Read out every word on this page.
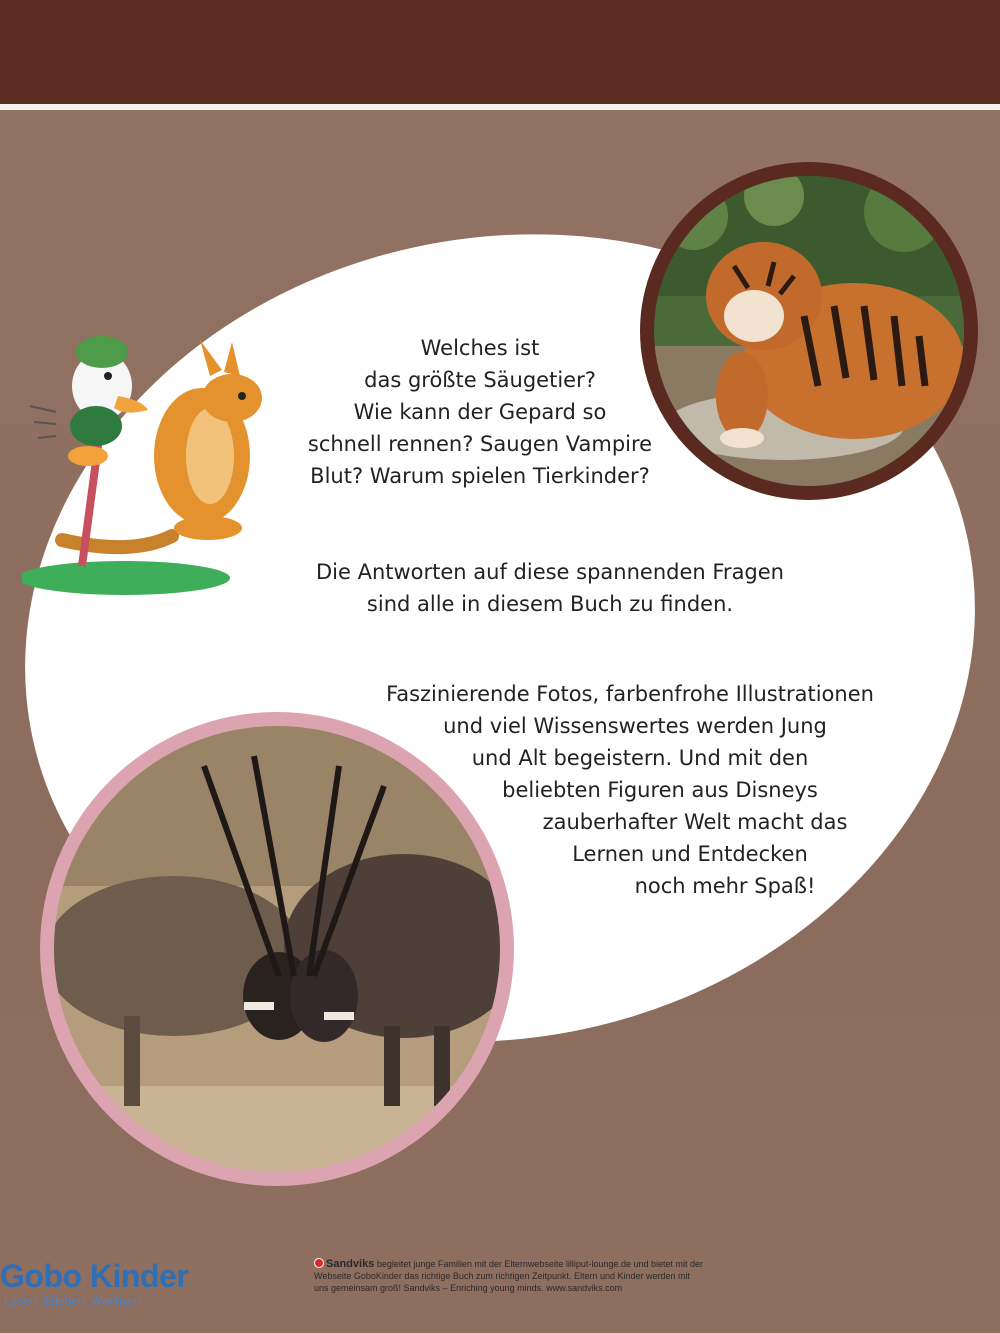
Welches ist
das größte Säugetier?
Wie kann der Gepard so
schnell rennen? Saugen Vampire
Blut? Warum spielen Tierkinder?
Die Antworten auf diese spannenden Fragen
sind alle in diesem Buch zu finden.
Faszinierende Fotos, farbenfrohe Illustrationen
und viel Wissenswertes werden Jung
und Alt begeistern. Und mit den
beliebten Figuren aus Disneys
zauberhafter Welt macht das
Lernen und Entdecken
noch mehr Spaß!
Gobo Kinder
Lesen. Erleben. Wachsen
Sandviks begleitet junge Familien mit der Elternwebseite lilliput-lounge.de und bietet mit der Webseite GoboKinder das richtige Buch zum richtigen Zeitpunkt. Eltern und Kinder werden mit uns gemeinsam groß! Sandviks – Enriching young minds. www.sandviks.com
